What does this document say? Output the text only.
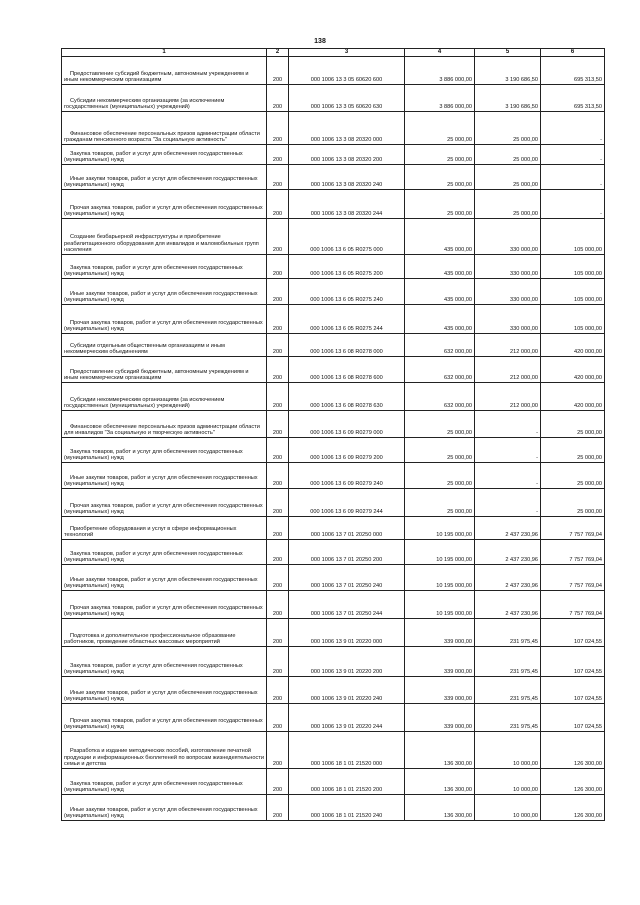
138
1	2	3	4	5	6

Предоставление субсидий бюджетным, автономным учреждениям и иным некоммерческим организациям	200	000 1006 13 3 05 60620 600	3 886 000,00	3 190 686,50	695 313,50

Субсидии некоммерческим организациям (за исключением государственных (муниципальных) учреждений)	200	000 1006 13 3 05 60620 630	3 886 000,00	3 190 686,50	695 313,50

Финансовое обеспечение персональных призов администрации области гражданам пенсионного возраста "За социальную активность"	200	000 1006 13 3 08 20320 000	25 000,00	25 000,00	-

Закупка товаров, работ и услуг для обеспечения государственных (муниципальных) нужд	200	000 1006 13 3 08 20320 200	25 000,00	25 000,00	-

Иные закупки товаров, работ и услуг для обеспечения государственных (муниципальных) нужд	200	000 1006 13 3 08 20320 240	25 000,00	25 000,00	-

Прочая закупка товаров, работ и услуг для обеспечения государственных (муниципальных) нужд	200	000 1006 13 3 08 20320 244	25 000,00	25 000,00	-

Создание безбарьерной инфраструктуры и приобретение реабилитационного оборудования для инвалидов и маломобильных групп населения	200	000 1006 13 6 05 R0275 000	435 000,00	330 000,00	105 000,00

Закупка товаров, работ и услуг для обеспечения государственных (муниципальных) нужд	200	000 1006 13 6 05 R0275 200	435 000,00	330 000,00	105 000,00

Иные закупки товаров, работ и услуг для обеспечения государственных (муниципальных) нужд	200	000 1006 13 6 05 R0275 240	435 000,00	330 000,00	105 000,00

Прочая закупка товаров, работ и услуг для обеспечения государственных (муниципальных) нужд	200	000 1006 13 6 05 R0275 244	435 000,00	330 000,00	105 000,00

Субсидии отдельным общественным организациям и иным некоммерческим объединениям	200	000 1006 13 6 08 R0278 000	632 000,00	212 000,00	420 000,00

Предоставление субсидий бюджетным, автономным учреждениям и иным некоммерческим организациям	200	000 1006 13 6 08 R0278 600	632 000,00	212 000,00	420 000,00

Субсидии некоммерческим организациям (за исключением государственных (муниципальных) учреждений)	200	000 1006 13 6 08 R0278 630	632 000,00	212 000,00	420 000,00

Финансовое обеспечение персональных призов администрации области для инвалидов "За социальную и творческую активность"	200	000 1006 13 6 09 R0279 000	25 000,00	-	25 000,00

Закупка товаров, работ и услуг для обеспечения государственных (муниципальных) нужд	200	000 1006 13 6 09 R0279 200	25 000,00	-	25 000,00

Иные закупки товаров, работ и услуг для обеспечения государственных (муниципальных) нужд	200	000 1006 13 6 09 R0279 240	25 000,00	-	25 000,00

Прочая закупка товаров, работ и услуг для обеспечения государственных (муниципальных) нужд	200	000 1006 13 6 09 R0279 244	25 000,00	-	25 000,00

Приобретение оборудования и услуг в сфере информационных технологий	200	000 1006 13 7 01 20250 000	10 195 000,00	2 437 230,96	7 757 769,04

Закупка товаров, работ и услуг для обеспечения государственных (муниципальных) нужд	200	000 1006 13 7 01 20250 200	10 195 000,00	2 437 230,96	7 757 769,04

Иные закупки товаров, работ и услуг для обеспечения государственных (муниципальных) нужд	200	000 1006 13 7 01 20250 240	10 195 000,00	2 437 230,96	7 757 769,04

Прочая закупка товаров, работ и услуг для обеспечения государственных (муниципальных) нужд	200	000 1006 13 7 01 20250 244	10 195 000,00	2 437 230,96	7 757 769,04

Подготовка и дополнительное профессиональное образование работников, проведение областных массовых мероприятий	200	000 1006 13 9 01 20220 000	339 000,00	231 975,45	107 024,55

Закупка товаров, работ и услуг для обеспечения государственных (муниципальных) нужд	200	000 1006 13 9 01 20220 200	339 000,00	231 975,45	107 024,55

Иные закупки товаров, работ и услуг для обеспечения государственных (муниципальных) нужд	200	000 1006 13 9 01 20220 240	339 000,00	231 975,45	107 024,55

Прочая закупка товаров, работ и услуг для обеспечения государственных (муниципальных) нужд	200	000 1006 13 9 01 20220 244	339 000,00	231 975,45	107 024,55

Разработка и издание методических пособий, изготовление печатной продукции и информационных бюллетеней по вопросам жизнедеятельности семьи и детства	200	000 1006 18 1 01 21520 000	136 300,00	10 000,00	126 300,00

Закупка товаров, работ и услуг для обеспечения государственных (муниципальных) нужд	200	000 1006 18 1 01 21520 200	136 300,00	10 000,00	126 300,00

Иные закупки товаров, работ и услуг для обеспечения государственных (муниципальных) нужд	200	000 1006 18 1 01 21520 240	136 300,00	10 000,00	126 300,00
